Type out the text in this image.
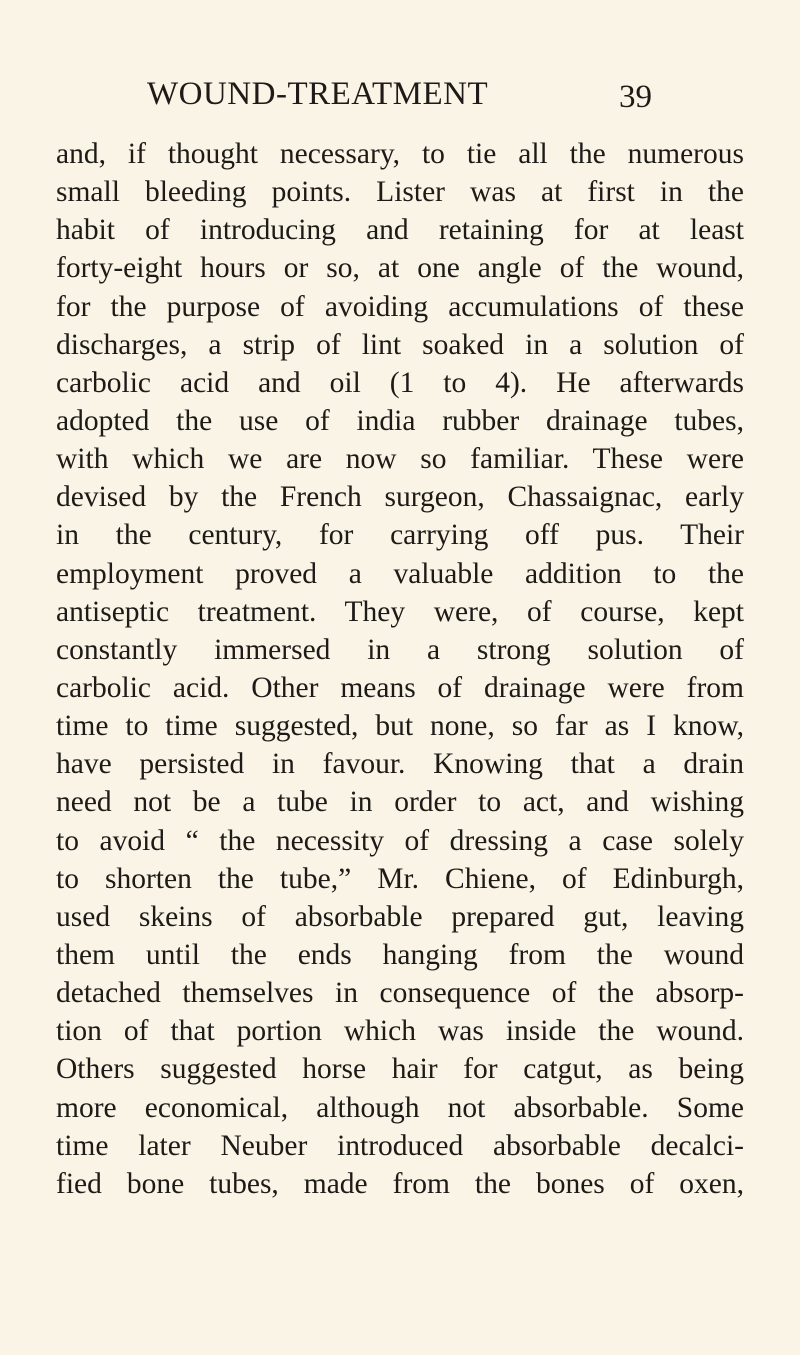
WOUND-TREATMENT	39
and, if thought necessary, to tie all the numerous
small bleeding points. Lister was at first in the
habit of introducing and retaining for at least
forty-eight hours or so, at one angle of the wound,
for the purpose of avoiding accumulations of these
discharges, a strip of lint soaked in a solution of
carbolic acid and oil (1 to 4). He afterwards
adopted the use of india rubber drainage tubes,
with which we are now so familiar. These were
devised by the French surgeon, Chassaignac, early
in the century, for carrying off pus. Their
employment proved a valuable addition to the
antiseptic treatment. They were, of course, kept
constantly immersed in a strong solution of
carbolic acid. Other means of drainage were from
time to time suggested, but none, so far as I know,
have persisted in favour. Knowing that a drain
need not be a tube in order to act, and wishing
to avoid “ the necessity of dressing a case solely
to shorten the tube,” Mr. Chiene, of Edinburgh,
used skeins of absorbable prepared gut, leaving
them until the ends hanging from the wound
detached themselves in consequence of the absorp-
tion of that portion which was inside the wound.
Others suggested horse hair for catgut, as being
more economical, although not absorbable. Some
time later Neuber introduced absorbable decalci-
fied bone tubes, made from the bones of oxen,
